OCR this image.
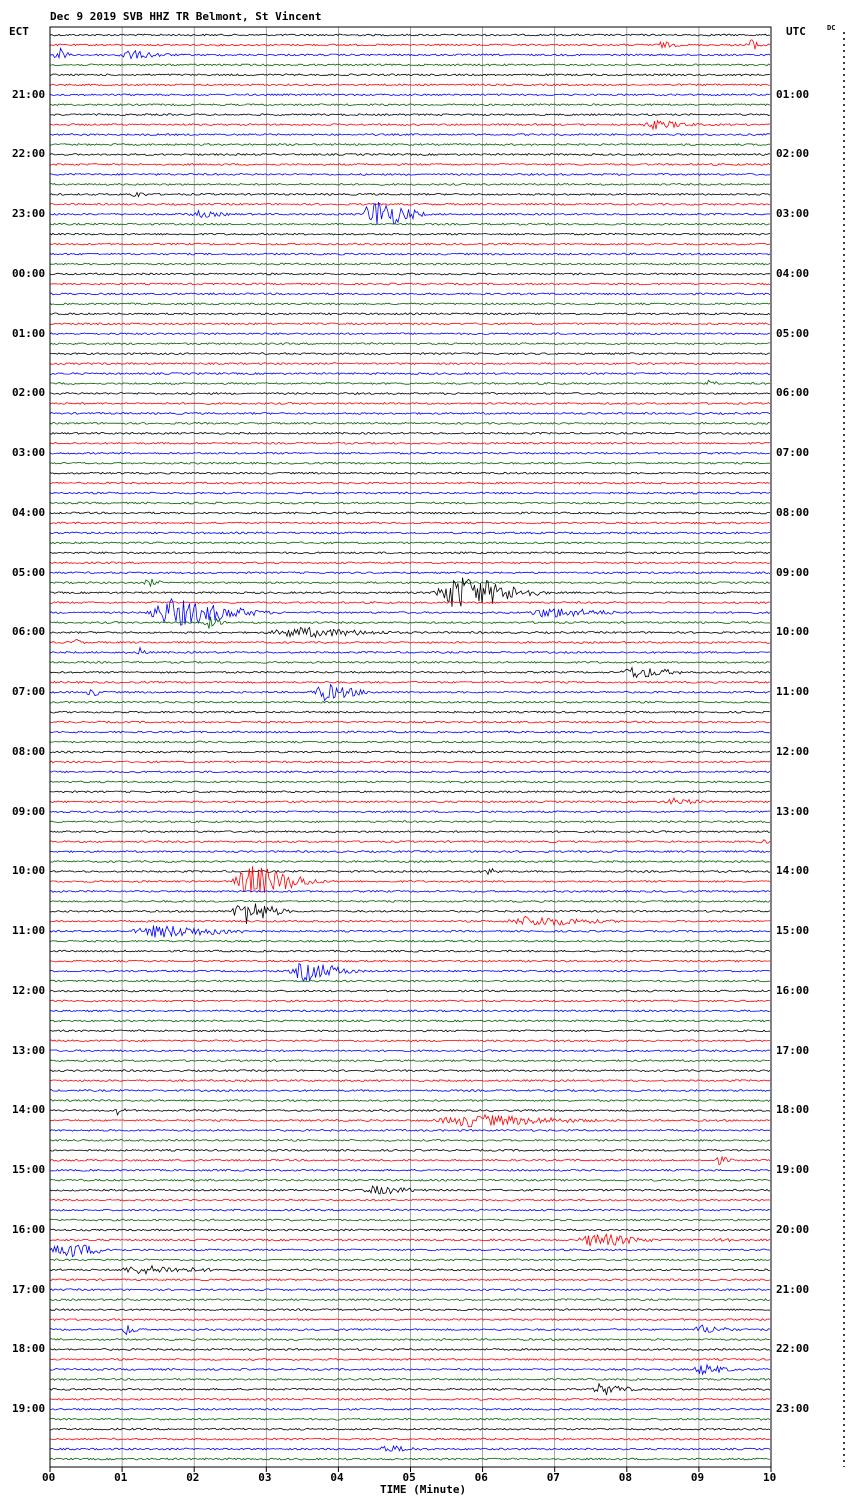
Dec 9 2019 SVB HHZ TR Belmont, St Vincent
ECT	UTC	DC
TIME (Minute)
21:00
22:00
23:00
00:00
01:00
02:00
03:00
04:00
05:00
06:00
07:00
08:00
09:00
10:00
11:00
12:00
13:00
14:00
15:00
16:00
17:00
18:00
19:00
01:00
02:00
03:00
04:00
05:00
06:00
07:00
08:00
09:00
10:00
11:00
12:00
13:00
14:00
15:00
16:00
17:00
18:00
19:00
20:00
21:00
22:00
23:00
00	01	02	03	04	05	06	07	08	09	10
